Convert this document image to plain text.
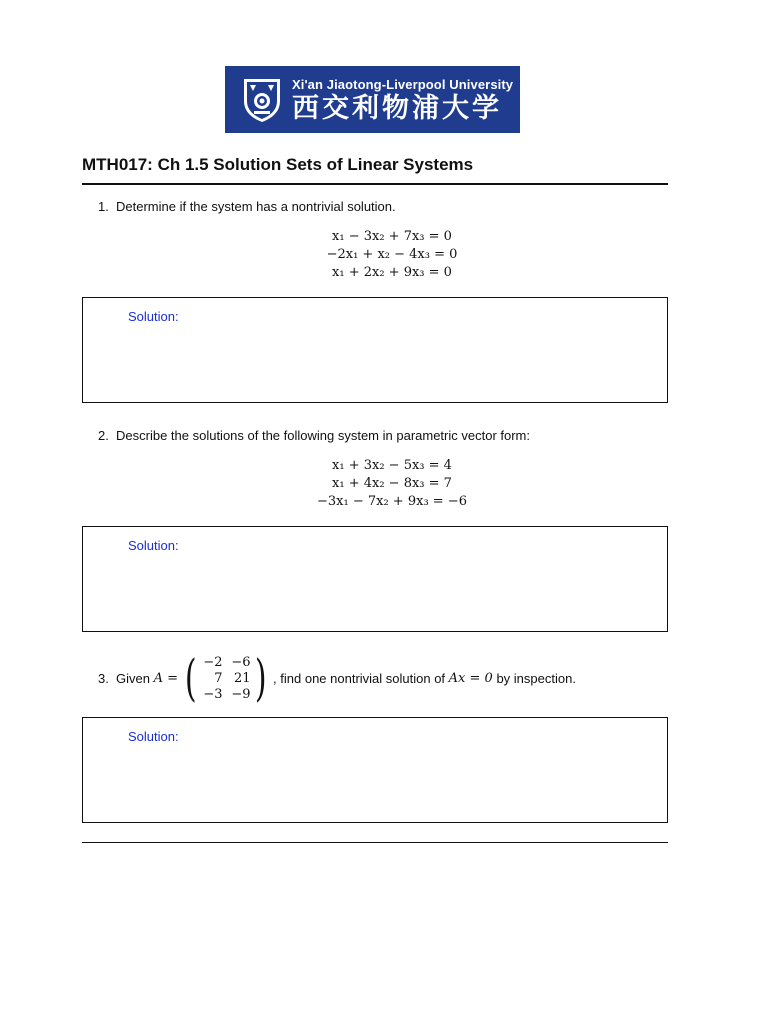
Xi'an Jiaotong-Liverpool University
西交利物浦大学
MTH017: Ch 1.5 Solution Sets of Linear Systems
1. Determine if the system has a nontrivial solution.
x₁ − 3x₂ + 7x₃ = 0
−2x₁ + x₂ − 4x₃ = 0
x₁ + 2x₂ + 9x₃ = 0
Solution:
2. Describe the solutions of the following system in parametric vector form:
x₁ + 3x₂ − 5x₃ = 4
x₁ + 4x₂ − 8x₃ = 7
−3x₁ − 7x₂ + 9x₃ = −6
Solution:
3. Given
A = ( −2 −6
7 21
−3 −9 ) , find one nontrivial solution of
Ax = 0
by inspection.
Solution:
